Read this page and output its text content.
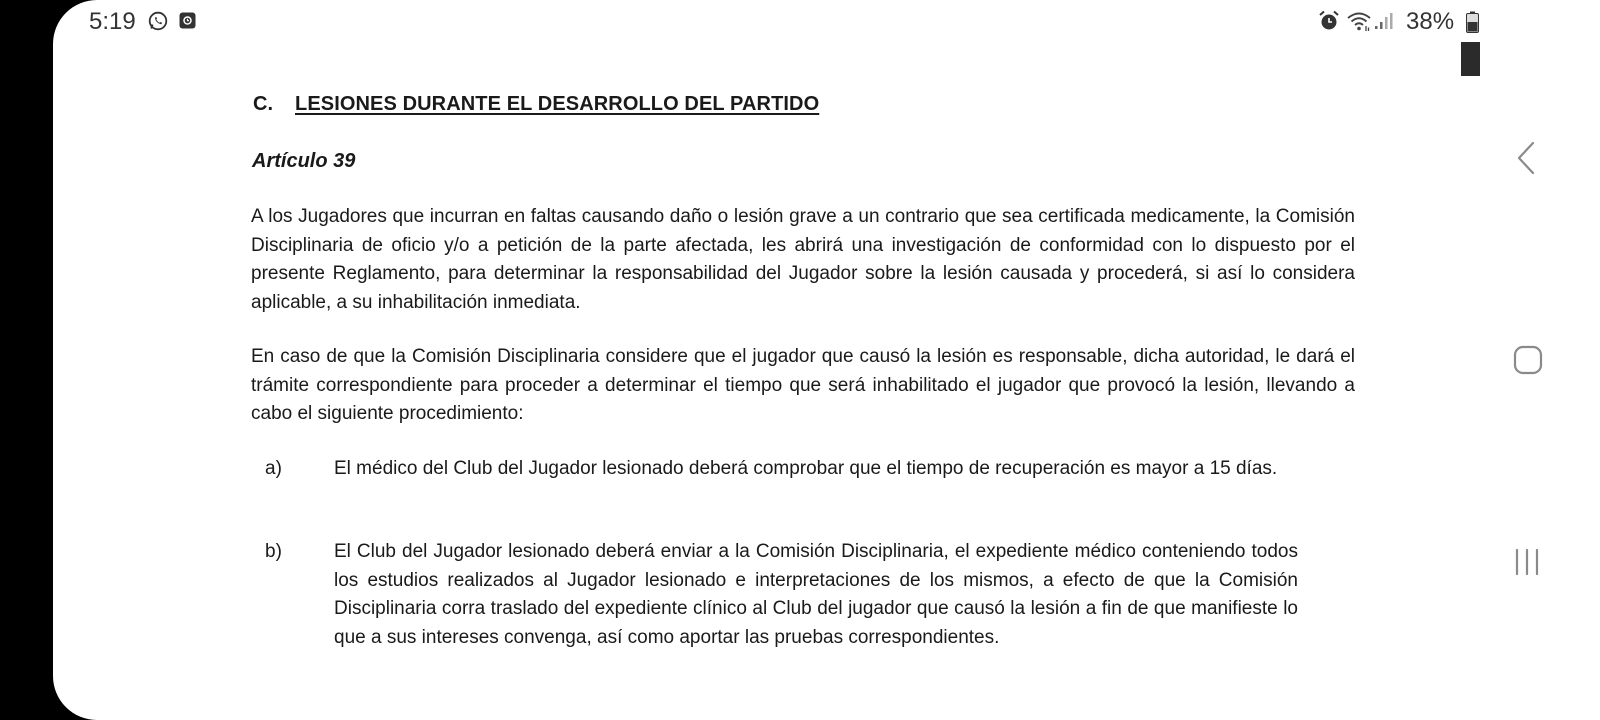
5:19	38%
C. LESIONES DURANTE EL DESARROLLO DEL PARTIDO
Artículo 39

A los Jugadores que incurran en faltas causando daño o lesión grave a un contrario que sea certificada medicamente, la Comisión Disciplinaria de oficio y/o a petición de la parte afectada, les abrirá una investigación de conformidad con lo dispuesto por el presente Reglamento, para determinar la responsabilidad del Jugador sobre la lesión causada y procederá, si así lo considera aplicable, a su inhabilitación inmediata.

En caso de que la Comisión Disciplinaria considere que el jugador que causó la lesión es responsable, dicha autoridad, le dará el trámite correspondiente para proceder a determinar el tiempo que será inhabilitado el jugador que provocó la lesión, llevando a cabo el siguiente procedimiento:

a)	El médico del Club del Jugador lesionado deberá comprobar que el tiempo de recuperación es mayor a 15 días.

b)	El Club del Jugador lesionado deberá enviar a la Comisión Disciplinaria, el expediente médico conteniendo todos los estudios realizados al Jugador lesionado e interpretaciones de los mismos, a efecto de que la Comisión Disciplinaria corra traslado del expediente clínico al Club del jugador que causó la lesión a fin de que manifieste lo que a sus intereses convenga, así como aportar las pruebas correspondientes.
